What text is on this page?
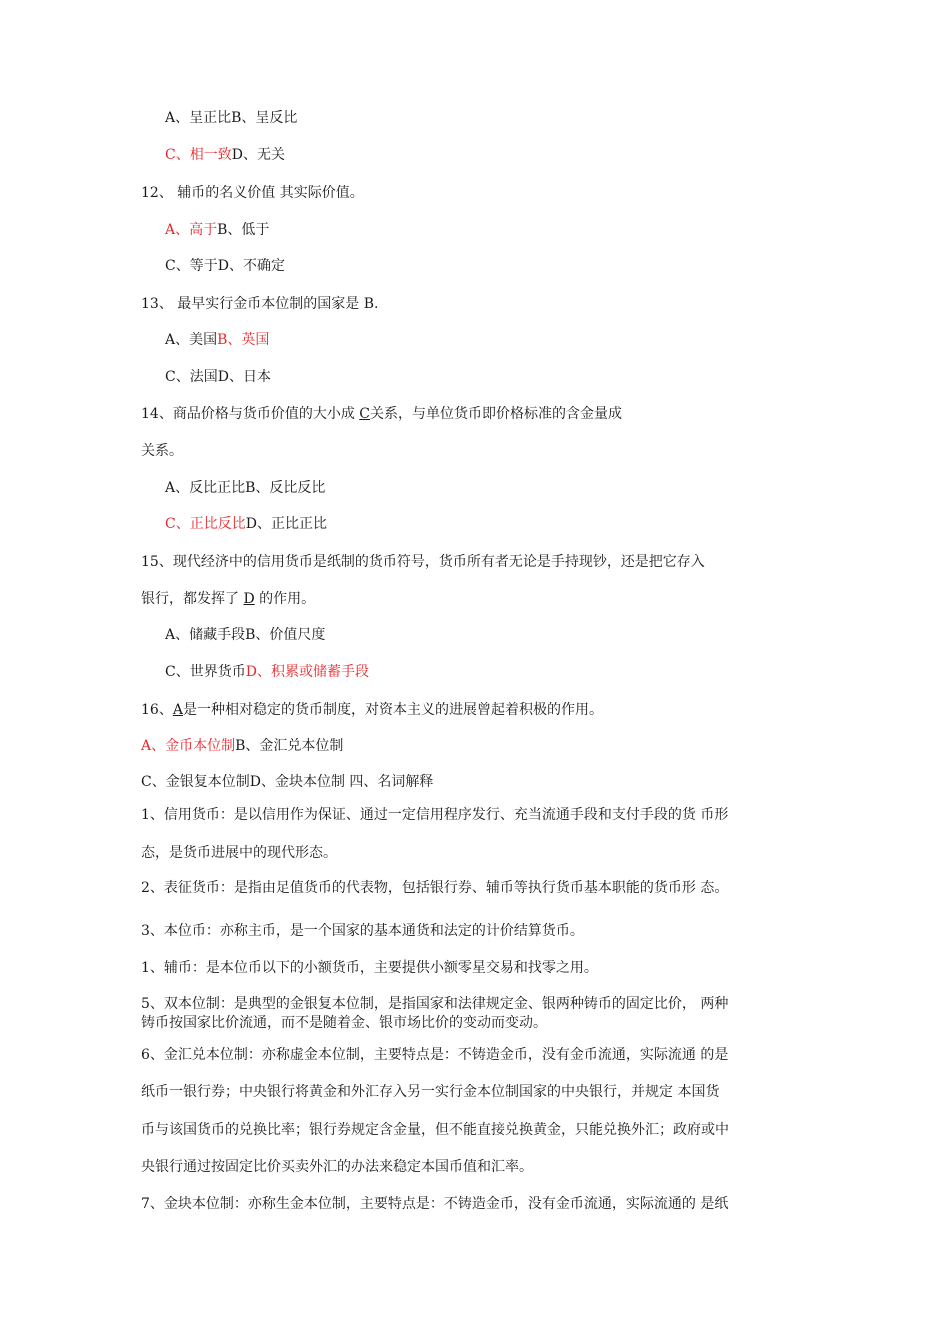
A、呈正比B、呈反比
C、相一致D、无关
12、 辅币的名义价值 其实际价值。
A、高于B、低于
C、等于D、不确定
13、 最早实行金币本位制的国家是 B.
A、美国B、英国
C、法国D、日本
14、商品价格与货币价值的大小成 C关系，与单位货币即价格标准的含金量成
关系。
A、反比正比B、反比反比
C、正比反比D、正比正比
15、现代经济中的信用货币是纸制的货币符号，货币所有者无论是手持现钞，还是把它存入
银行，都发挥了 D 的作用。
A、储藏手段B、价值尺度
C、世界货币D、积累或储蓄手段
16、A是一种相对稳定的货币制度，对资本主义的进展曾起着积极的作用。
A、金币本位制B、金汇兑本位制
C、金银复本位制D、金块本位制 四、名词解释
1、信用货币：是以信用作为保证、通过一定信用程序发行、充当流通手段和支付手段的货 币形
态，是货币进展中的现代形态。
2、表征货币：是指由足值货币的代表物，包括银行券、辅币等执行货币基本职能的货币形 态。
3、本位币：亦称主币，是一个国家的基本通货和法定的计价结算货币。
1、辅币：是本位币以下的小额货币，主要提供小额零星交易和找零之用。
5、双本位制：是典型的金银复本位制，是指国家和法律规定金、银两种铸币的固定比价， 两种
铸币按国家比价流通，而不是随着金、银市场比价的变动而变动。
6、金汇兑本位制：亦称虚金本位制，主要特点是：不铸造金币，没有金币流通，实际流通 的是
纸币一银行券；中央银行将黄金和外汇存入另一实行金本位制国家的中央银行，并规定 本国货
币与该国货币的兑换比率；银行券规定含金量，但不能直接兑换黄金，只能兑换外汇；政府或中
央银行通过按固定比价买卖外汇的办法来稳定本国币值和汇率。
7、金块本位制：亦称生金本位制，主要特点是：不铸造金币，没有金币流通，实际流通的 是纸
